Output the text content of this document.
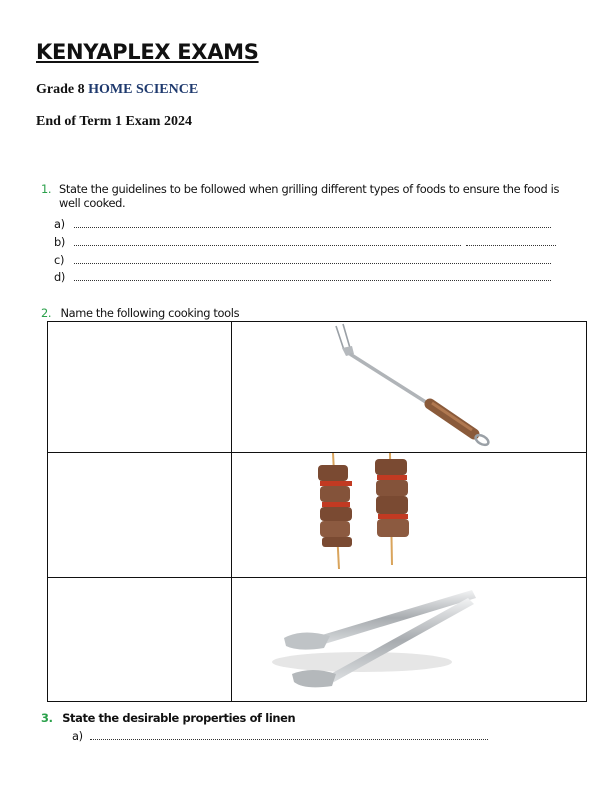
KENYAPLEX EXAMS
Grade 8 HOME SCIENCE
End of Term 1 Exam 2024
1. State the guidelines to be followed when grilling different types of foods to ensure the food is well cooked.
a)
b)
c)
d)
2. Name the following cooking tools

3. State the desirable properties of linen
a)
